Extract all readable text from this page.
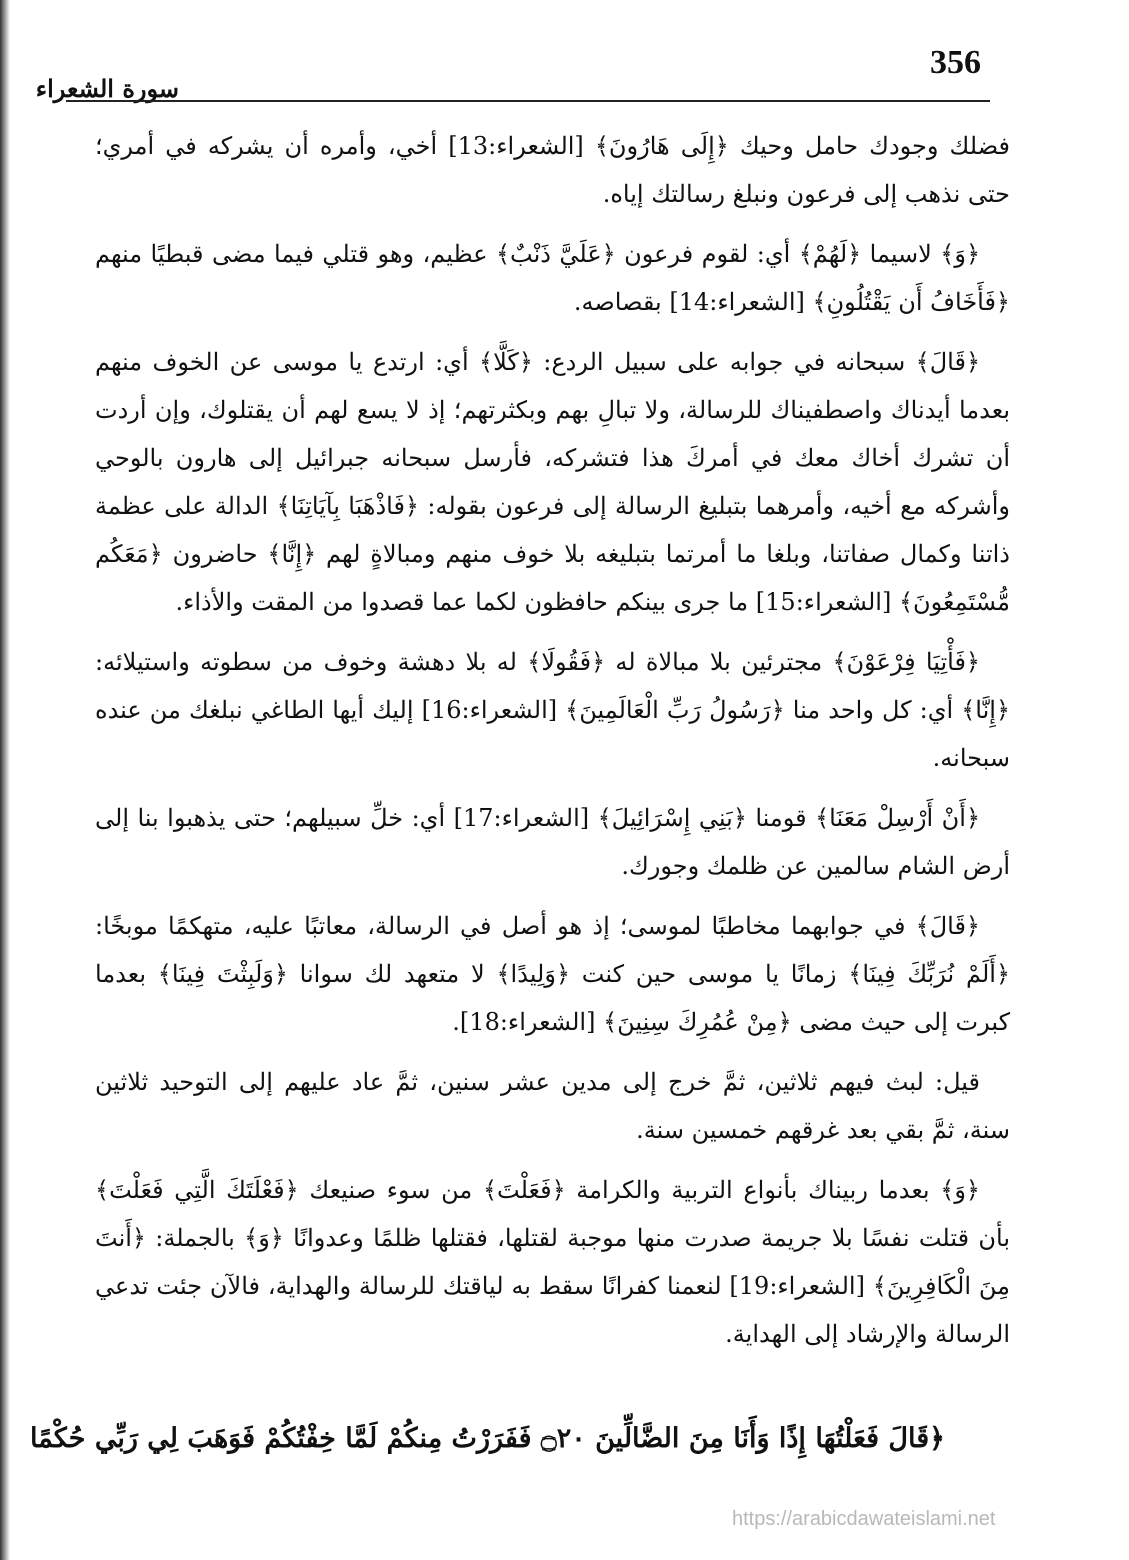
356
سورة الشعراء

فضلك وجودك حامل وحيك ﴿إِلَى هَارُونَ﴾ [الشعراء:13] أخي، وأمره أن يشركه في أمري؛ حتى نذهب إلى فرعون ونبلغ رسالتك إياه.

﴿وَ﴾ لاسيما ﴿لَهُمْ﴾ أي: لقوم فرعون ﴿عَلَيَّ ذَنْبٌ﴾ عظيم، وهو قتلي فيما مضى قبطيًا منهم ﴿فَأَخَافُ أَن يَقْتُلُونِ﴾ [الشعراء:14] بقصاصه.

﴿قَالَ﴾ سبحانه في جوابه على سبيل الردع: ﴿كَلَّا﴾ أي: ارتدع يا موسى عن الخوف منهم بعدما أيدناك واصطفيناك للرسالة، ولا تبالِ بهم وبكثرتهم؛ إذ لا يسع لهم أن يقتلوك، وإن أردت أن تشرك أخاك معك في أمركَ هذا فتشركه، فأرسل سبحانه جبرائيل إلى هارون بالوحي وأشركه مع أخيه، وأمرهما بتبليغ الرسالة إلى فرعون بقوله: ﴿فَاذْهَبَا بِآيَاتِنَا﴾ الدالة على عظمة ذاتنا وكمال صفاتنا، وبلغا ما أمرتما بتبليغه بلا خوف منهم ومبالاةٍ لهم ﴿إِنَّا﴾ حاضرون ﴿مَعَكُم مُّسْتَمِعُونَ﴾ [الشعراء:15] ما جرى بينكم حافظون لكما عما قصدوا من المقت والأذاء.

﴿فَأْتِيَا فِرْعَوْنَ﴾ مجترئين بلا مبالاة له ﴿فَقُولَا﴾ له بلا دهشة وخوف من سطوته واستيلائه: ﴿إِنَّا﴾ أي: كل واحد منا ﴿رَسُولُ رَبِّ الْعَالَمِينَ﴾ [الشعراء:16] إليك أيها الطاغي نبلغك من عنده سبحانه.

﴿أَنْ أَرْسِلْ مَعَنَا﴾ قومنا ﴿بَنِي إِسْرَائِيلَ﴾ [الشعراء:17] أي: خلِّ سبيلهم؛ حتى يذهبوا بنا إلى أرض الشام سالمين عن ظلمك وجورك.

﴿قَالَ﴾ في جوابهما مخاطبًا لموسى؛ إذ هو أصل في الرسالة، معاتبًا عليه، متهكمًا موبخًا: ﴿أَلَمْ نُرَبِّكَ فِينَا﴾ زمانًا يا موسى حين كنت ﴿وَلِيدًا﴾ لا متعهد لك سوانا ﴿وَلَبِثْتَ فِينَا﴾ بعدما كبرت إلى حيث مضى ﴿مِنْ عُمُرِكَ سِنِينَ﴾ [الشعراء:18].

قيل: لبث فيهم ثلاثين، ثمَّ خرج إلى مدين عشر سنين، ثمَّ عاد عليهم إلى التوحيد ثلاثين سنة، ثمَّ بقي بعد غرقهم خمسين سنة.

﴿وَ﴾ بعدما ربيناك بأنواع التربية والكرامة ﴿فَعَلْتَ﴾ من سوء صنيعك ﴿فَعْلَتَكَ الَّتِي فَعَلْتَ﴾ بأن قتلت نفسًا بلا جريمة صدرت منها موجبة لقتلها، فقتلها ظلمًا وعدوانًا ﴿وَ﴾ بالجملة: ﴿أَنتَ مِنَ الْكَافِرِينَ﴾ [الشعراء:19] لنعمنا كفرانًا سقط به لياقتك للرسالة والهداية، فالآن جئت تدعي الرسالة والإرشاد إلى الهداية.

﴿قَالَ فَعَلْتُهَا إِذًا وَأَنَا مِنَ الضَّالِّينَ ۝٢٠ فَفَرَرْتُ مِنكُمْ لَمَّا خِفْتُكُمْ فَوَهَبَ لِي رَبِّي حُكْمًا
https://arabicdawateislami.net
